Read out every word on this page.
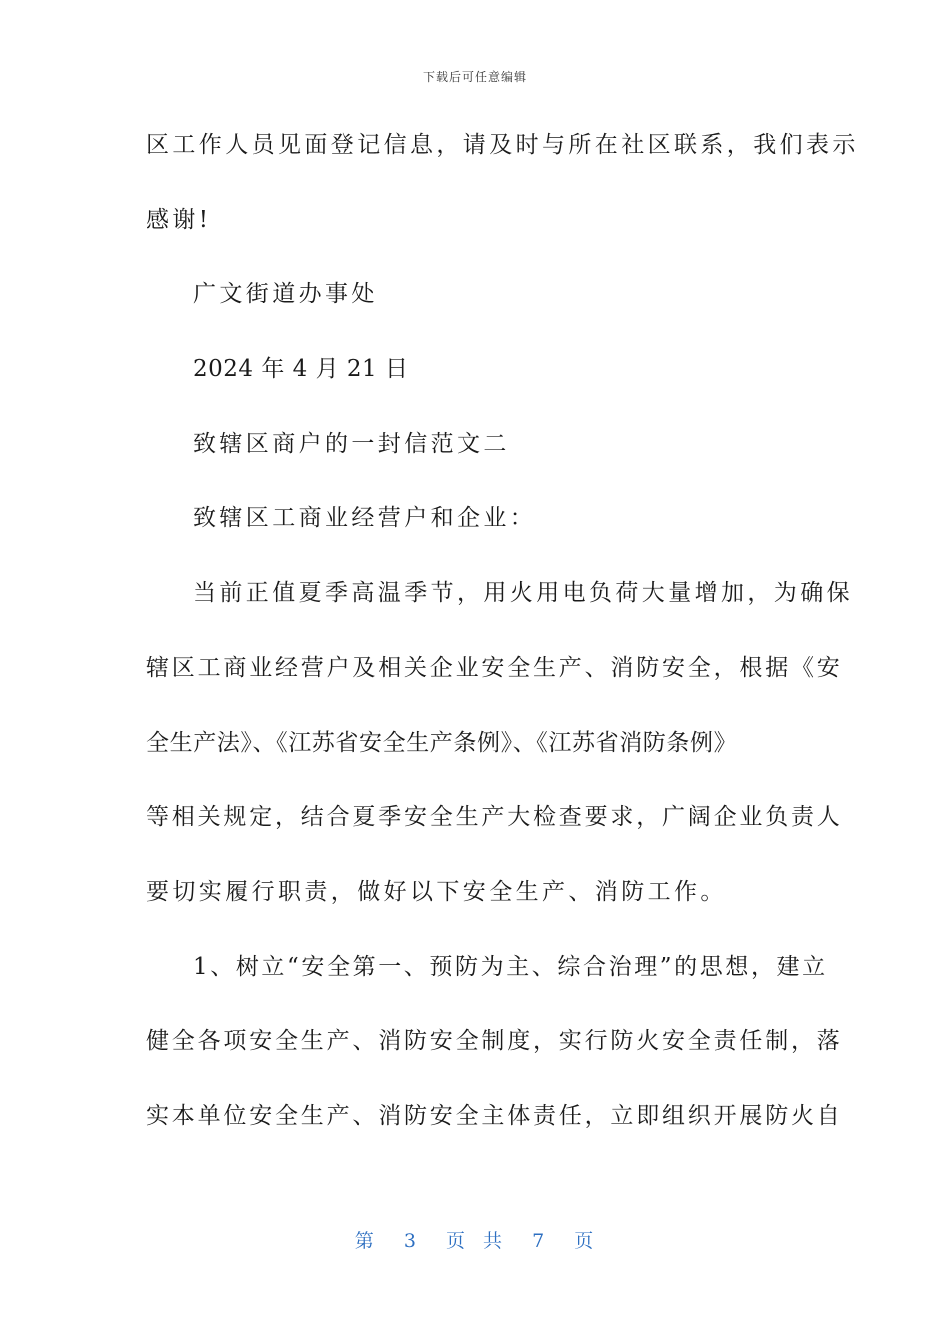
下载后可任意编辑
区工作人员见面登记信息，请及时与所在社区联系，我们表示
感谢!
广文街道办事处
2024 年 4 月 21 日
致辖区商户的一封信范文二
致辖区工商业经营户和企业：
当前正值夏季高温季节，用火用电负荷大量增加，为确保
辖区工商业经营户及相关企业安全生产、消防安全，根据《安
全生产法》、《江苏省安全生产条例》、《江苏省消防条例》
等相关规定，结合夏季安全生产大检查要求，广阔企业负责人
要切实履行职责，做好以下安全生产、消防工作。
1、树立“安全第一、预防为主、综合治理”的思想，建立
健全各项安全生产、消防安全制度，实行防火安全责任制，落
实本单位安全生产、消防安全主体责任，立即组织开展防火自
第 3 页 共 7 页
